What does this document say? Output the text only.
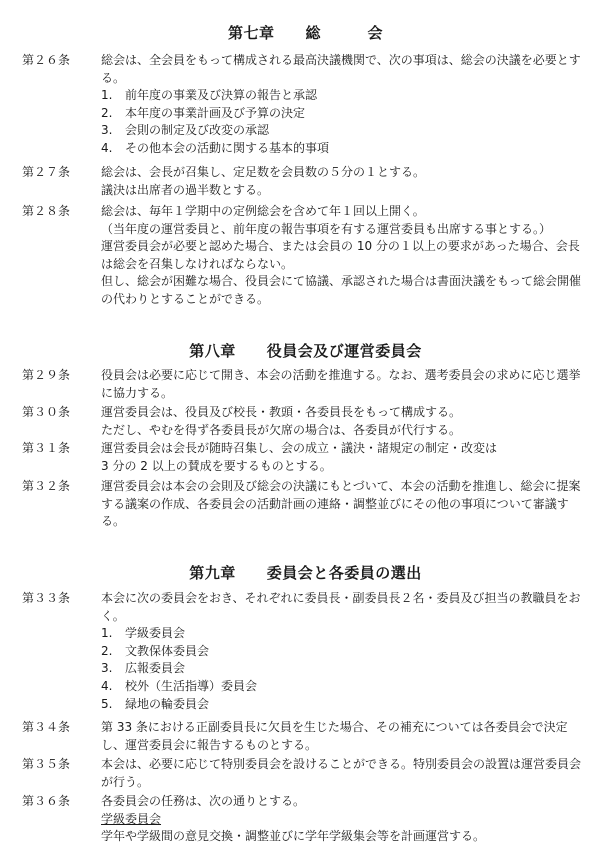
第七章　　総　　　会
第２６条	総会は、全会員をもって構成される最高決議機関で、次の事項は、総会の決議を必要とする。

1. 前年度の事業及び決算の報告と承認

2. 本年度の事業計画及び予算の決定

3. 会則の制定及び改変の承認

4. その他本会の活動に関する基本的事項

第２７条	総会は、会長が召集し、定足数を会員数の５分の１とする。

議決は出席者の過半数とする。

第２８条	総会は、毎年１学期中の定例総会を含めて年１回以上開く。

（当年度の運営委員と、前年度の報告事項を有する運営委員も出席する事とする。）

運営委員会が必要と認めた場合、または会員の 10 分の１以上の要求があった場合、会長は総会を召集しなければならない。

但し、総会が困難な場合、役員会にて協議、承認された場合は書面決議をもって総会開催の代わりとすることができる。

第八章　　役員会及び運営委員会
第２９条	役員会は必要に応じて開き、本会の活動を推進する。なお、選考委員会の求めに応じ選挙に協力する。

第３０条	運営委員会は、役員及び校長・教頭・各委員長をもって構成する。

ただし、やむを得ず各委員長が欠席の場合は、各委員が代行する。

第３１条	運営委員会は会長が随時召集し、会の成立・議決・諸規定の制定・改変は

3 分の 2 以上の賛成を要するものとする。

第３２条	運営委員会は本会の会則及び総会の決議にもとづいて、本会の活動を推進し、総会に提案する議案の作成、各委員会の活動計画の連絡・調整並びにその他の事項について審議する。

第九章　　委員会と各委員の選出
第３３条	本会に次の委員会をおき、それぞれに委員長・副委員長２名・委員及び担当の教職員をおく。

1. 学級委員会

2. 文教保体委員会

3. 広報委員会

4. 校外（生活指導）委員会

5. 緑地の輪委員会

第３４条	第 33 条における正副委員長に欠員を生じた場合、その補充については各委員会で決定し、運営委員会に報告するものとする。

第３５条	本会は、必要に応じて特別委員会を設けることができる。特別委員会の設置は運営委員会が行う。

第３６条	各委員会の任務は、次の通りとする。

学級委員会

学年や学級間の意見交換・調整並びに学年学級集会等を計画運営する。
